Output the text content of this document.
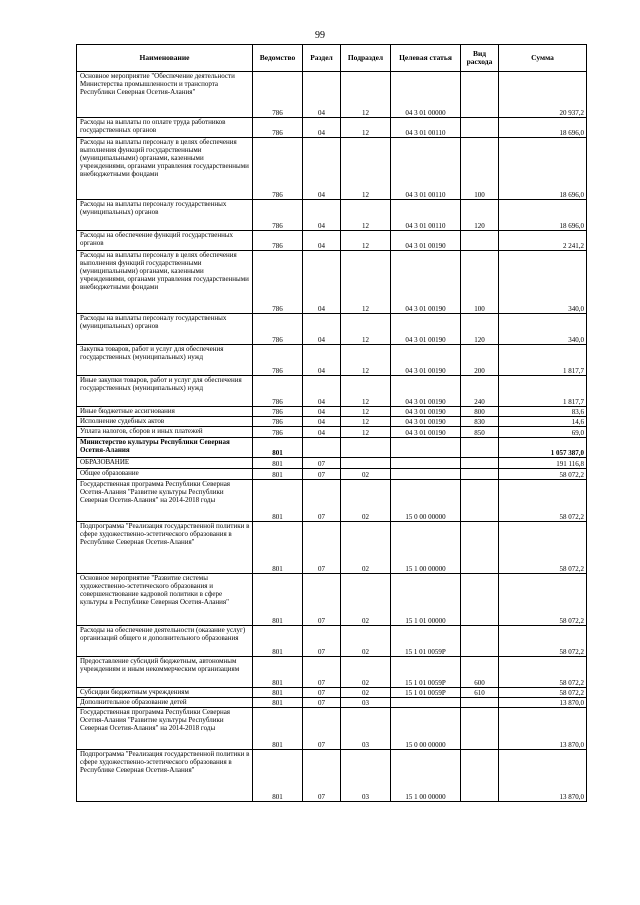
99
Наименование	Ведомство	Раздел	Подраздел	Целевая статья	Вид расхода	Сумма
Основное мероприятие "Обеспечение деятельности Министерства промышленности и транспорта Республики Северная Осетия-Алания"	786	04	12	04 3 01 00000		20 937,2
Расходы на выплаты по оплате труда работников государственных органов	786	04	12	04 3 01 00110		18 696,0
Расходы на выплаты персоналу в целях обеспечения выполнения функций государственными (муниципальными) органами, казенными учреждениями, органами управления государственными внебюджетными фондами	786	04	12	04 3 01 00110	100	18 696,0
Расходы на выплаты персоналу государственных (муниципальных) органов	786	04	12	04 3 01 00110	120	18 696,0
Расходы на обеспечение функций государственных органов	786	04	12	04 3 01 00190		2 241,2
Расходы на выплаты персоналу в целях обеспечения выполнения функций государственными (муниципальными) органами, казенными учреждениями, органами управления государственными внебюджетными фондами	786	04	12	04 3 01 00190	100	340,0
Расходы на выплаты персоналу государственных (муниципальных) органов	786	04	12	04 3 01 00190	120	340,0
Закупка товаров, работ и услуг для обеспечения государственных (муниципальных) нужд	786	04	12	04 3 01 00190	200	1 817,7
Иные закупки товаров, работ и услуг для обеспечения государственных (муниципальных) нужд	786	04	12	04 3 01 00190	240	1 817,7
Иные бюджетные ассигнования	786	04	12	04 3 01 00190	800	83,6
Исполнение судебных актов	786	04	12	04 3 01 00190	830	14,6
Уплата налогов, сборов и иных платежей	786	04	12	04 3 01 00190	850	69,0
Министерство культуры Республики Северная Осетия-Алания	801					1 057 387,0
ОБРАЗОВАНИЕ	801	07				191 116,8
Общее образование	801	07	02			58 072,2
Государственная программа Республики Северная Осетия-Алания "Развитие культуры Республики Северная Осетия-Алания" на 2014-2018 годы	801	07	02	15 0 00 00000		58 072,2
Подпрограмма "Реализация государственной политики в сфере художественно-эстетического образования в Республике Северная Осетия-Алания"	801	07	02	15 1 00 00000		58 072,2
Основное мероприятие "Развитие системы художественно-эстетического образования и совершенствование кадровой политики в сфере культуры в Республике Северная Осетия-Алания"	801	07	02	15 1 01 00000		58 072,2
Расходы на обеспечение деятельности (оказание услуг) организаций общего и дополнительного образования	801	07	02	15 1 01 0059Р		58 072,2
Предоставление субсидий бюджетным, автономным учреждениям и иным некоммерческим организациям	801	07	02	15 1 01 0059Р	600	58 072,2
Субсидии бюджетным учреждениям	801	07	02	15 1 01 0059Р	610	58 072,2
Дополнительное образование детей	801	07	03			13 870,0
Государственная программа Республики Северная Осетия-Алания "Развитие культуры Республики Северная Осетия-Алания" на 2014-2018 годы	801	07	03	15 0 00 00000		13 870,0
Подпрограмма "Реализация государственной политики в сфере художественно-эстетического образования в Республике Северная Осетия-Алания"	801	07	03	15 1 00 00000		13 870,0
